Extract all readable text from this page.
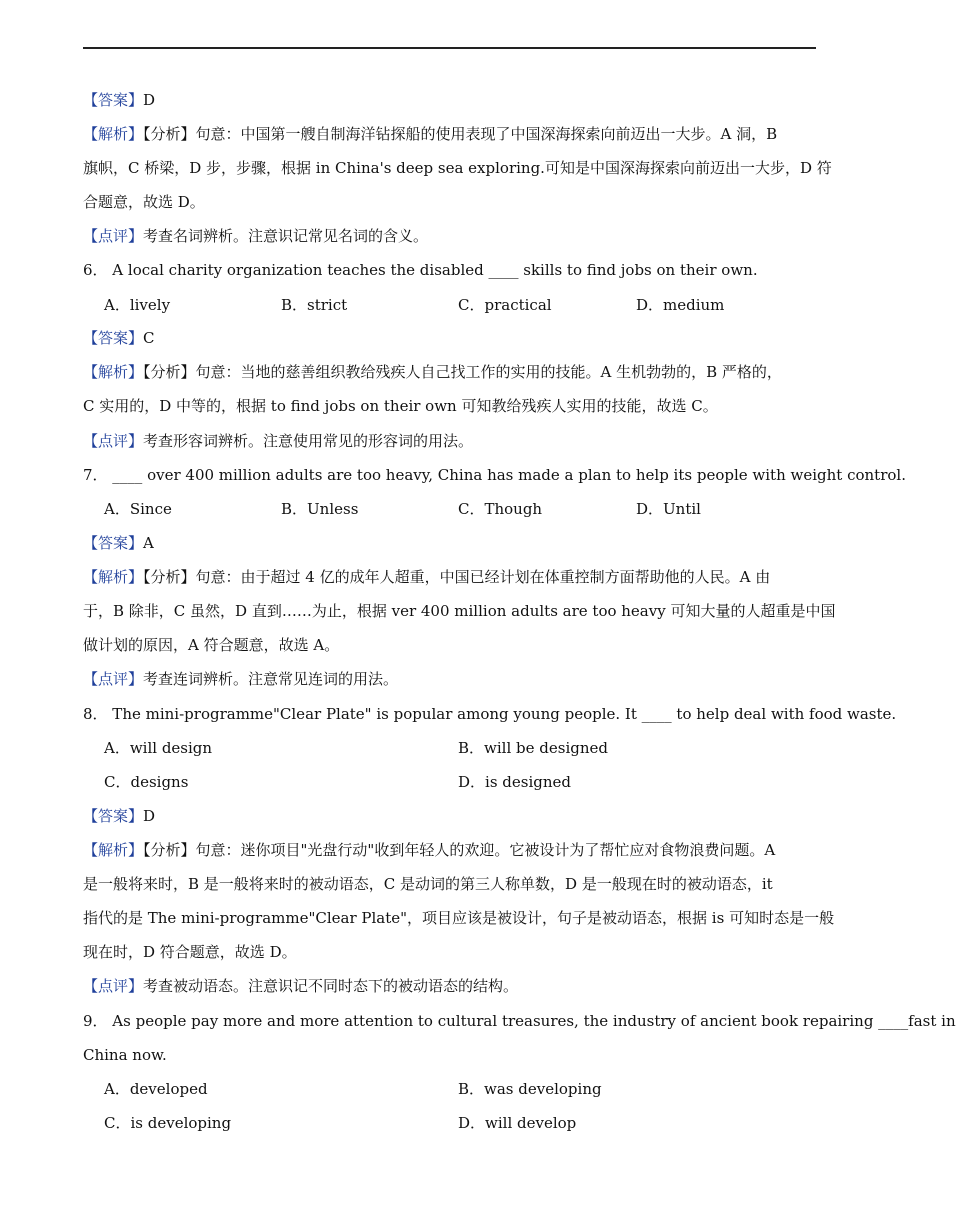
【答案】D
【解析】【分析】句意：中国第一艘自制海洋钻探船的使用表现了中国深海探索向前迈出一大步。A 洞，B
旗帜，C 桥梁，D 步，步骤，根据 in China's deep sea exploring.可知是中国深海探索向前迈出一大步，D 符
合题意，故选 D。
【点评】考查名词辨析。注意识记常见名词的含义。
6． A local charity organization teaches the disabled ____ skills to find jobs on their own.
A．lively	B．strict	C．practical	D．medium
【答案】C
【解析】【分析】句意：当地的慈善组织教给残疾人自己找工作的实用的技能。A 生机勃勃的，B 严格的，
C 实用的，D 中等的，根据 to find jobs on their own 可知教给残疾人实用的技能，故选 C。
【点评】考查形容词辨析。注意使用常见的形容词的用法。
7． ____ over 400 million adults are too heavy, China has made a plan to help its people with weight control.
A．Since	B．Unless	C．Though	D．Until
【答案】A
【解析】【分析】句意：由于超过 4 亿的成年人超重，中国已经计划在体重控制方面帮助他的人民。A 由
于，B 除非，C 虽然，D 直到……为止，根据 ver 400 million adults are too heavy 可知大量的人超重是中国
做计划的原因，A 符合题意，故选 A。
【点评】考查连词辨析。注意常见连词的用法。
8． The mini-programme"Clear Plate" is popular among young people. It ____ to help deal with food waste.
A．will design	B．will be designed
C．designs	D．is designed
【答案】D
【解析】【分析】句意：迷你项目"光盘行动"收到年轻人的欢迎。它被设计为了帮忙应对食物浪费问题。A
是一般将来时，B 是一般将来时的被动语态，C 是动词的第三人称单数，D 是一般现在时的被动语态，it
指代的是 The mini-programme"Clear Plate"，项目应该是被设计，句子是被动语态，根据 is 可知时态是一般
现在时，D 符合题意，故选 D。
【点评】考查被动语态。注意识记不同时态下的被动语态的结构。
9． As people pay more and more attention to cultural treasures, the industry of ancient book repairing ____fast in
China now.
A．developed	B．was developing
C．is developing	D．will develop
